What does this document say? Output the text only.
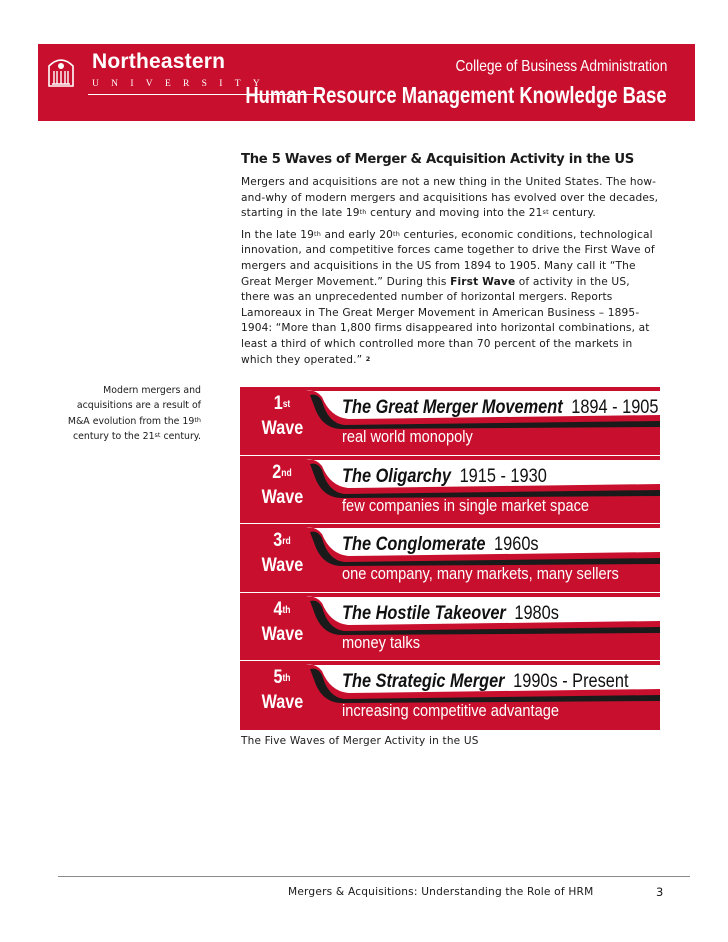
Northeastern
UNIVERSITY
College of Business Administration
Human Resource Management Knowledge Base
The 5 Waves of Merger & Acquisition Activity in the US

Mergers and acquisitions are not a new thing in the United States. The how-and-why of modern mergers and acquisitions has evolved over the decades, starting in the late 19th century and moving into the 21st century.

In the late 19th and early 20th centuries, economic conditions, technological innovation, and competitive forces came together to drive the First Wave of mergers and acquisitions in the US from 1894 to 1905. Many call it “The Great Merger Movement.” During this First Wave of activity in the US, there was an unprecedented number of horizontal mergers. Reports Lamoreaux in The Great Merger Movement in American Business – 1895-1904: “More than 1,800 firms disappeared into horizontal combinations, at least a third of which controlled more than 70 percent of the markets in which they operated.” $^2$

Modern mergers and acquisitions are a result of M&A evolution from the 19th century to the 21st century.
1st
Wave
The Great Merger Movement 1894 - 1905
real world monopoly
2nd
Wave
The Oligarchy 1915 - 1930
few companies in single market space
3rd
Wave
The Conglomerate 1960s
one company, many markets, many sellers
4th
Wave
The Hostile Takeover 1980s
money talks
5th
Wave
The Strategic Merger 1990s - Present
increasing competitive advantage
The Five Waves of Merger Activity in the US
Mergers & Acquisitions: Understanding the Role of HRM	3
